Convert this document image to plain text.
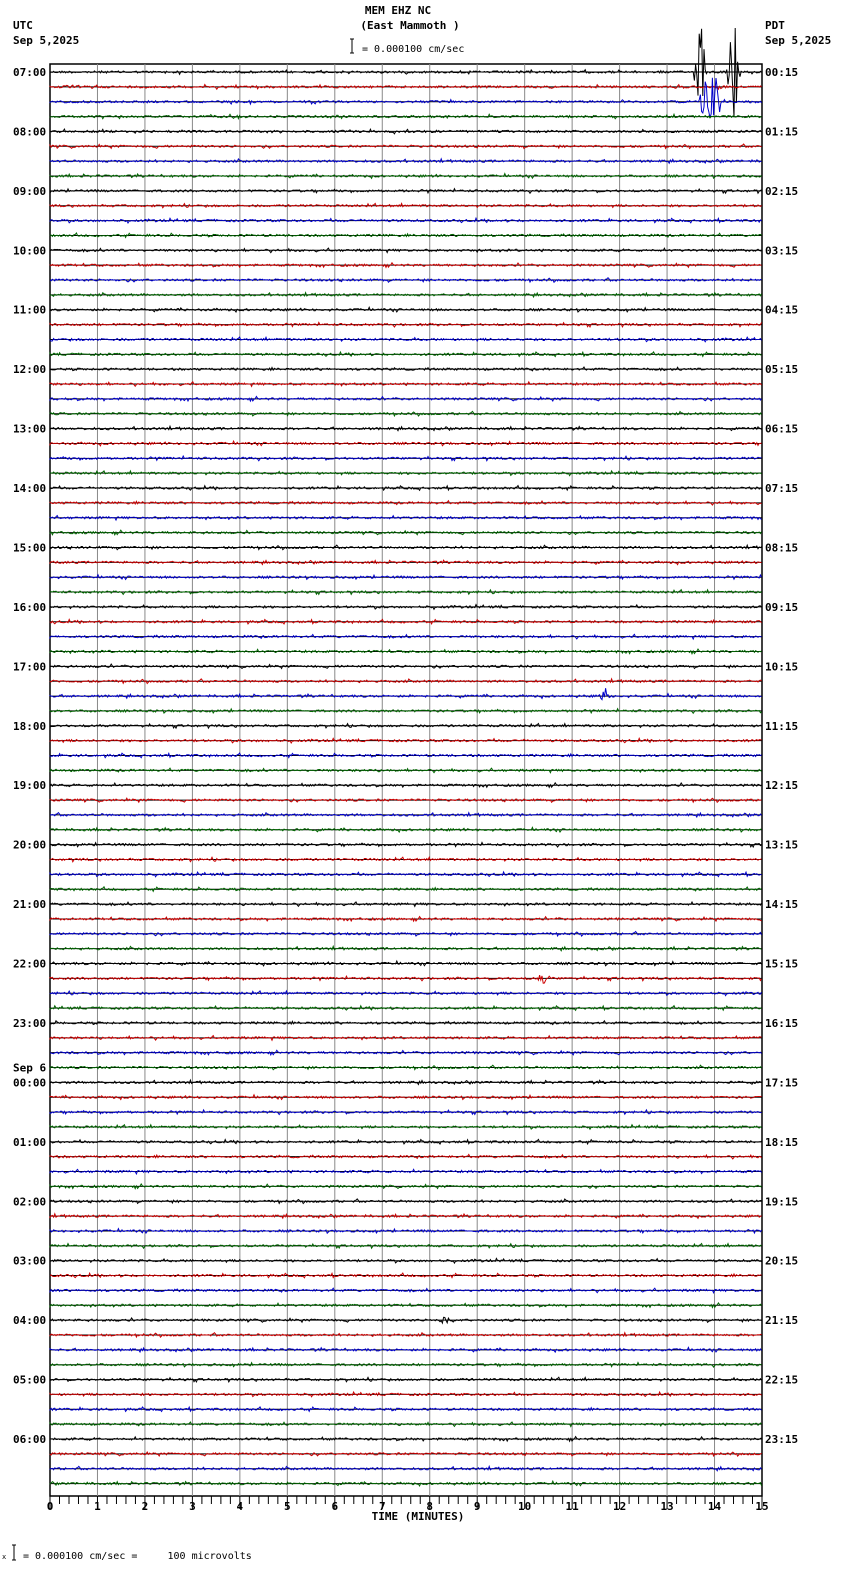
MEM EHZ NC
(East Mammoth )
UTC
Sep 5,2025
PDT
Sep 5,2025
= 0.000100 cm/sec
07:00	00:15
08:00	01:15
09:00	02:15
10:00	03:15
11:00	04:15
12:00	05:15
13:00	06:15
14:00	07:15
15:00	08:15
16:00	09:15
17:00	10:15
18:00	11:15
19:00	12:15
20:00	13:15
21:00	14:15
22:00	15:15
23:00	16:15
00:00	17:15
Sep 6
01:00	18:15
02:00	19:15
03:00	20:15
04:00	21:15
05:00	22:15
06:00	23:15
0	1	2	3	4	5	6	7	8	9	10	11	12	13	14	15
TIME (MINUTES)
x = 0.000100 cm/sec =     100 microvolts
